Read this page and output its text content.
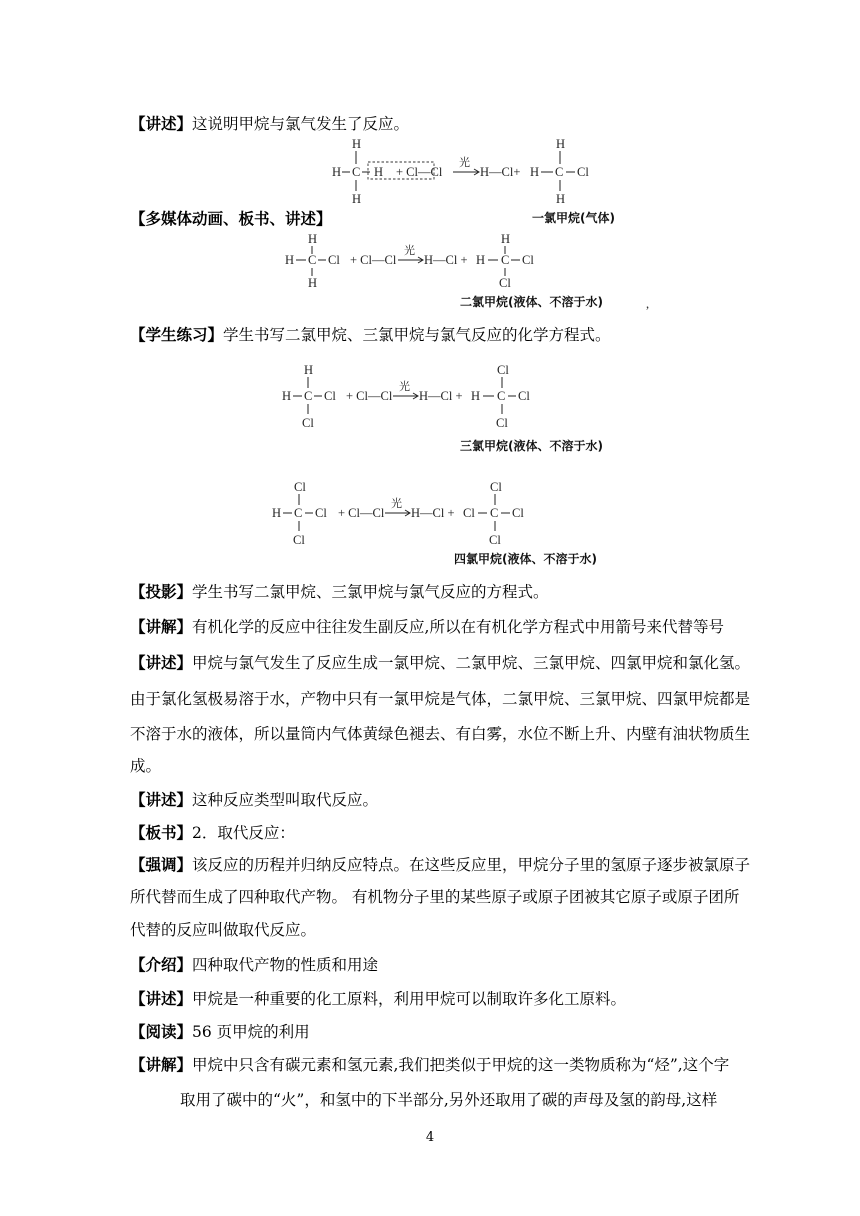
【讲述】这说明甲烷与氯气发生了反应。
H
H C
H
H + Cl—Cl
光
H—Cl+
H
H C Cl
H
一氯甲烷(气体)
【多媒体动画、板书、讲述】
H
H C Cl
H
+ Cl—Cl
光
H—Cl +
H
H C Cl
Cl
二氯甲烷(液体、不溶于水)	,
【学生练习】学生书写二氯甲烷、三氯甲烷与氯气反应的化学方程式。
H
H C Cl
Cl
+ Cl—Cl
光
H—Cl +
Cl
H C Cl
Cl
三氯甲烷(液体、不溶于水)
Cl
H C Cl
Cl
+ Cl—Cl
光
H—Cl +
Cl
Cl C Cl
Cl
四氯甲烷(液体、不溶于水)
【投影】学生书写二氯甲烷、三氯甲烷与氯气反应的方程式。
【讲解】有机化学的反应中往往发生副反应,所以在有机化学方程式中用箭号来代替等号
【讲述】甲烷与氯气发生了反应生成一氯甲烷、二氯甲烷、三氯甲烷、四氯甲烷和氯化氢。
由于氯化氢极易溶于水，产物中只有一氯甲烷是气体，二氯甲烷、三氯甲烷、四氯甲烷都是
不溶于水的液体，所以量筒内气体黄绿色褪去、有白雾，水位不断上升、内壁有油状物质生
成。
【讲述】这种反应类型叫取代反应。
【板书】2．取代反应：
【强调】该反应的历程并归纳反应特点。在这些反应里，甲烷分子里的氢原子逐步被氯原子
所代替而生成了四种取代产物。 有机物分子里的某些原子或原子团被其它原子或原子团所
代替的反应叫做取代反应。
【介绍】四种取代产物的性质和用途
【讲述】甲烷是一种重要的化工原料，利用甲烷可以制取许多化工原料。
【阅读】56 页甲烷的利用
【讲解】甲烷中只含有碳元素和氢元素,我们把类似于甲烷的这一类物质称为“烃”,这个字
取用了碳中的“火”，和氢中的下半部分,另外还取用了碳的声母及氢的韵母,这样
4
